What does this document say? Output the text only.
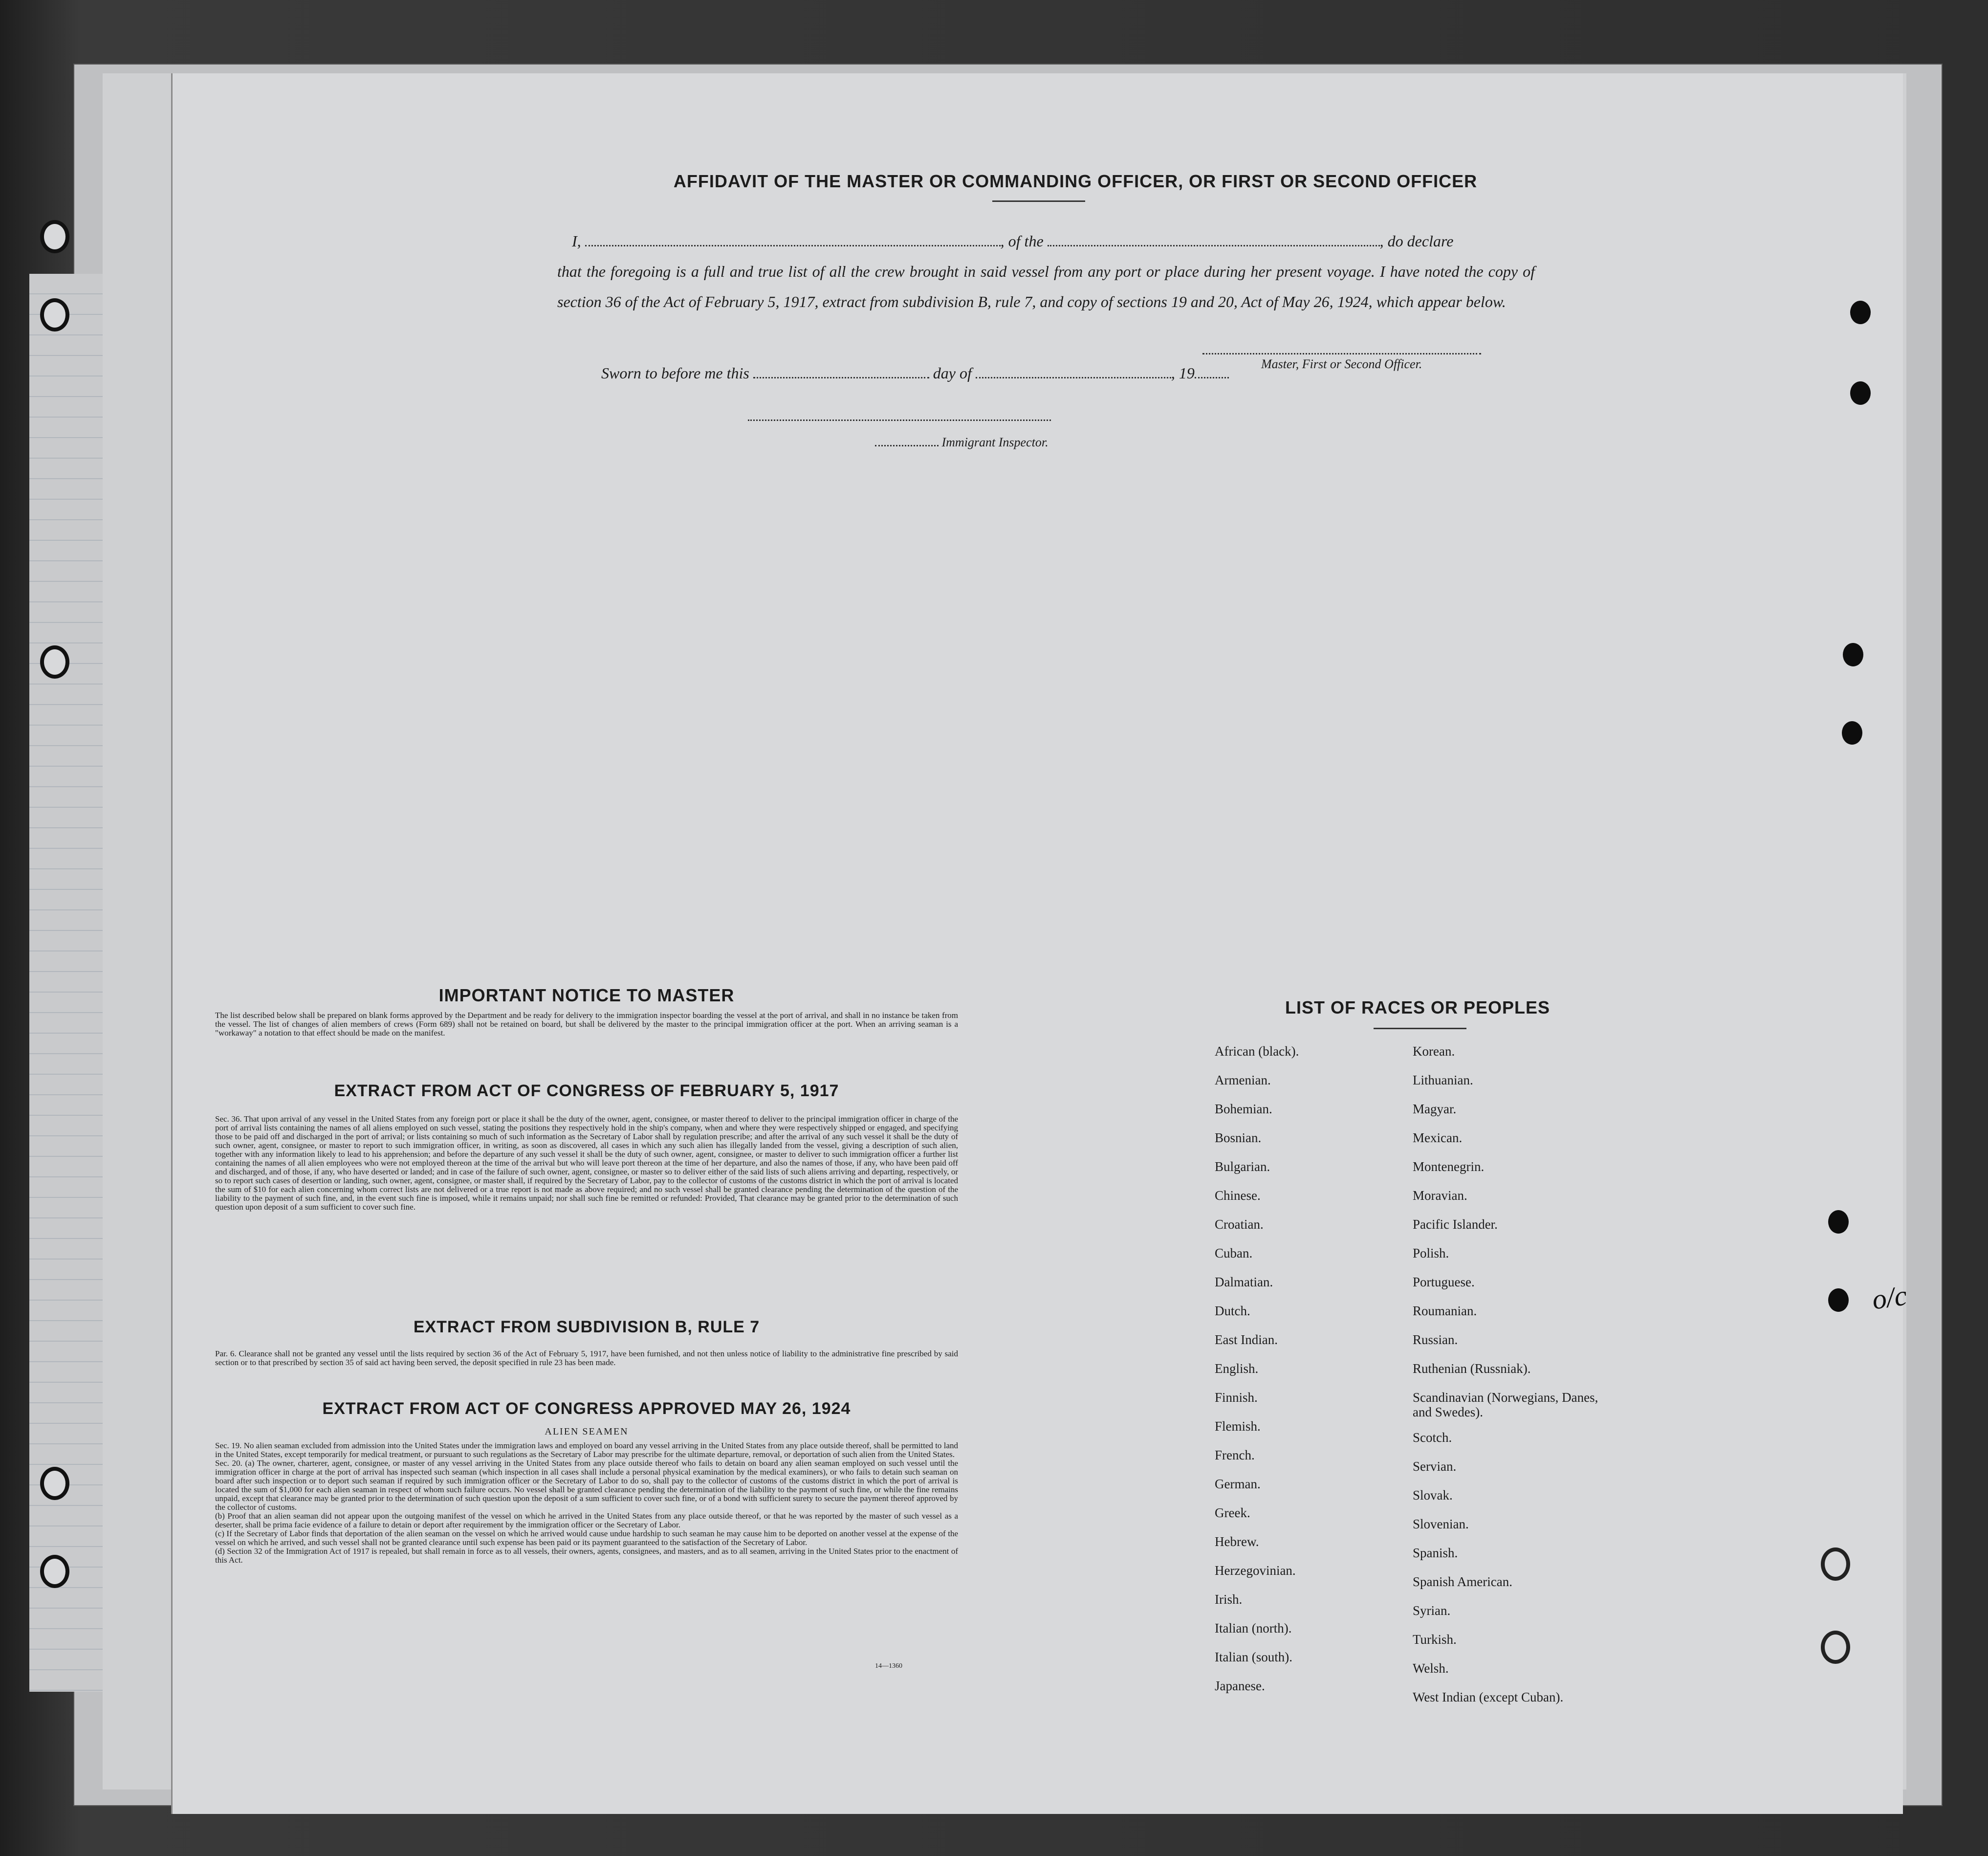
AFFIDAVIT OF THE MASTER OR COMMANDING OFFICER, OR FIRST OR SECOND OFFICER
I,	, of the	, do declare
that the foregoing is a full and true list of all the crew brought in said vessel from any port or place during her present voyage. I have noted the copy of section 36 of the Act of February 5, 1917, extract from subdivision B, rule 7, and copy of sections 19 and 20, Act of May 26, 1924, which appear below.
Master, First or Second Officer.
Sworn to before me this	day of	, 19
Immigrant Inspector.
IMPORTANT NOTICE TO MASTER
The list described below shall be prepared on blank forms approved by the Department and be ready for delivery to the immigration inspector boarding the vessel at the port of arrival, and shall in no instance be taken from the vessel. The list of changes of alien members of crews (Form 689) shall not be retained on board, but shall be delivered by the master to the principal immigration officer at the port. When an arriving seaman is a "workaway" a notation to that effect should be made on the manifest.
EXTRACT FROM ACT OF CONGRESS OF FEBRUARY 5, 1917
Sec. 36. That upon arrival of any vessel in the United States from any foreign port or place it shall be the duty of the owner, agent, consignee, or master thereof to deliver to the principal immigration officer in charge of the port of arrival lists containing the names of all aliens employed on such vessel, stating the positions they respectively hold in the ship's company, when and where they were respectively shipped or engaged, and specifying those to be paid off and discharged in the port of arrival; or lists containing so much of such information as the Secretary of Labor shall by regulation prescribe; and after the arrival of any such vessel it shall be the duty of such owner, agent, consignee, or master to report to such immigration officer, in writing, as soon as discovered, all cases in which any such alien has illegally landed from the vessel, giving a description of such alien, together with any information likely to lead to his apprehension; and before the departure of any such vessel it shall be the duty of such owner, agent, consignee, or master to deliver to such immigration officer a further list containing the names of all alien employees who were not employed thereon at the time of the arrival but who will leave port thereon at the time of her departure, and also the names of those, if any, who have been paid off and discharged, and of those, if any, who have deserted or landed; and in case of the failure of such owner, agent, consignee, or master so to deliver either of the said lists of such aliens arriving and departing, respectively, or so to report such cases of desertion or landing, such owner, agent, consignee, or master shall, if required by the Secretary of Labor, pay to the collector of customs of the customs district in which the port of arrival is located the sum of $10 for each alien concerning whom correct lists are not delivered or a true report is not made as above required; and no such vessel shall be granted clearance pending the determination of the question of the liability to the payment of such fine, and, in the event such fine is imposed, while it remains unpaid; nor shall such fine be remitted or refunded: Provided, That clearance may be granted prior to the determination of such question upon deposit of a sum sufficient to cover such fine.
EXTRACT FROM SUBDIVISION B, RULE 7
Par. 6. Clearance shall not be granted any vessel until the lists required by section 36 of the Act of February 5, 1917, have been furnished, and not then unless notice of liability to the administrative fine prescribed by said section or to that prescribed by section 35 of said act having been served, the deposit specified in rule 23 has been made.
EXTRACT FROM ACT OF CONGRESS APPROVED MAY 26, 1924
ALIEN SEAMEN
Sec. 19. No alien seaman excluded from admission into the United States under the immigration laws and employed on board any vessel arriving in the United States from any place outside thereof, shall be permitted to land in the United States, except temporarily for medical treatment, or pursuant to such regulations as the Secretary of Labor may prescribe for the ultimate departure, removal, or deportation of such alien from the United States.
Sec. 20. (a) The owner, charterer, agent, consignee, or master of any vessel arriving in the United States from any place outside thereof who fails to detain on board any alien seaman employed on such vessel until the immigration officer in charge at the port of arrival has inspected such seaman (which inspection in all cases shall include a personal physical examination by the medical examiners), or who fails to detain such seaman on board after such inspection or to deport such seaman if required by such immigration officer or the Secretary of Labor to do so, shall pay to the collector of customs of the customs district in which the port of arrival is located the sum of $1,000 for each alien seaman in respect of whom such failure occurs. No vessel shall be granted clearance pending the determination of the liability to the payment of such fine, or while the fine remains unpaid, except that clearance may be granted prior to the determination of such question upon the deposit of a sum sufficient to cover such fine, or of a bond with sufficient surety to secure the payment thereof approved by the collector of customs.
(b) Proof that an alien seaman did not appear upon the outgoing manifest of the vessel on which he arrived in the United States from any place outside thereof, or that he was reported by the master of such vessel as a deserter, shall be prima facie evidence of a failure to detain or deport after requirement by the immigration officer or the Secretary of Labor.
(c) If the Secretary of Labor finds that deportation of the alien seaman on the vessel on which he arrived would cause undue hardship to such seaman he may cause him to be deported on another vessel at the expense of the vessel on which he arrived, and such vessel shall not be granted clearance until such expense has been paid or its payment guaranteed to the satisfaction of the Secretary of Labor.
(d) Section 32 of the Immigration Act of 1917 is repealed, but shall remain in force as to all vessels, their owners, agents, consignees, and masters, and as to all seamen, arriving in the United States prior to the enactment of this Act.
14—1360
LIST OF RACES OR PEOPLES
African (black).
Armenian.
Bohemian.
Bosnian.
Bulgarian.
Chinese.
Croatian.
Cuban.
Dalmatian.
Dutch.
East Indian.
English.
Finnish.
Flemish.
French.
German.
Greek.
Hebrew.
Herzegovinian.
Irish.
Italian (north).
Italian (south).
Japanese.
Korean.
Lithuanian.
Magyar.
Mexican.
Montenegrin.
Moravian.
Pacific Islander.
Polish.
Portuguese.
Roumanian.
Russian.
Ruthenian (Russniak).
Scandinavian (Norwegians, Danes, and Swedes).
Scotch.
Servian.
Slovak.
Slovenian.
Spanish.
Spanish American.
Syrian.
Turkish.
Welsh.
West Indian (except Cuban).
o/c
